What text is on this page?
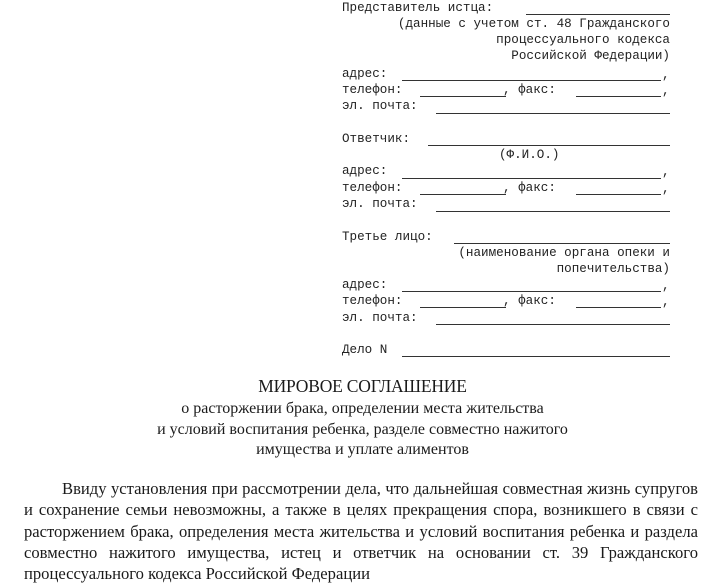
Представитель истца:
(данные с учетом ст. 48 Гражданского
процессуального кодекса
Российской Федерации)
адрес:	,
телефон:	, факс:	,
эл. почта:
Ответчик:
(Ф.И.О.)
адрес:	,
телефон:	, факс:	,
эл. почта:
Третье лицо:
(наименование органа опеки и
попечительства)
адрес:	,
телефон:	, факс:	,
эл. почта:
Дело N
МИРОВОЕ СОГЛАШЕНИЕ
о расторжении брака, определении места жительства
и условий воспитания ребенка, разделе совместно нажитого
имущества и уплате алиментов
Ввиду установления при рассмотрении дела, что дальнейшая совместная жизнь супругов и сохранение семьи невозможны, а также в целях прекращения спора, возникшего в связи с расторжением брака, определения места жительства и условий воспитания ребенка и раздела совместно нажитого имущества, истец и ответчик на основании ст. 39 Гражданского процессуального кодекса Российской Федерации
